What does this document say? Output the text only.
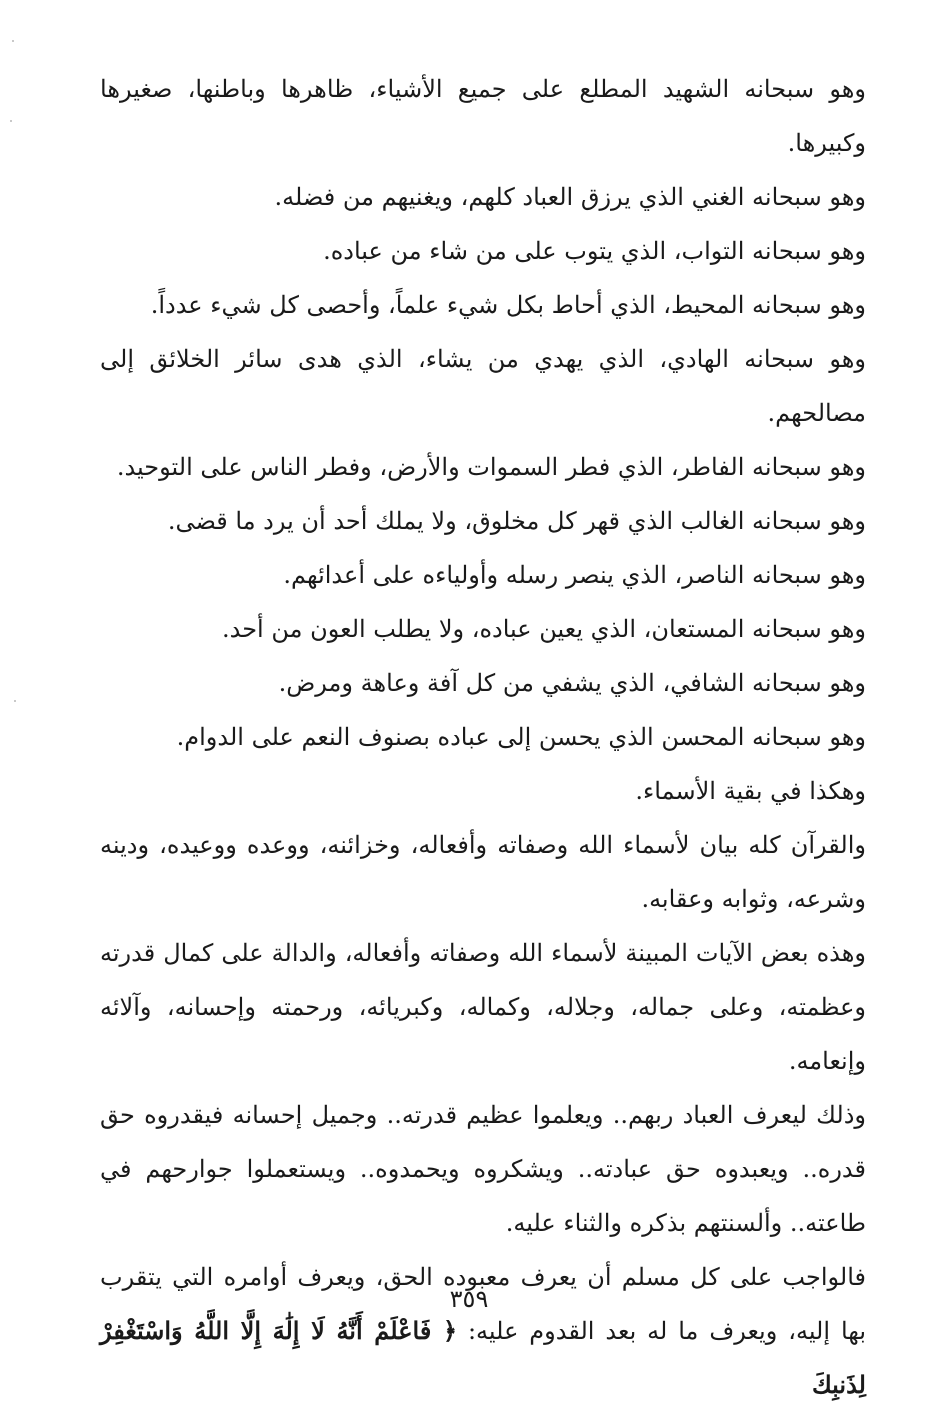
وهو سبحانه الشهيد المطلع على جميع الأشياء، ظاهرها وباطنها، صغيرها وكبيرها.

وهو سبحانه الغني الذي يرزق العباد كلهم، ويغنيهم من فضله.

وهو سبحانه التواب، الذي يتوب على من شاء من عباده.

وهو سبحانه المحيط، الذي أحاط بكل شيء علماً، وأحصى كل شيء عدداً.

وهو سبحانه الهادي، الذي يهدي من يشاء، الذي هدى سائر الخلائق إلى مصالحهم.

وهو سبحانه الفاطر، الذي فطر السموات والأرض، وفطر الناس على التوحيد.

وهو سبحانه الغالب الذي قهر كل مخلوق، ولا يملك أحد أن يرد ما قضى.

وهو سبحانه الناصر، الذي ينصر رسله وأولياءه على أعدائهم.

وهو سبحانه المستعان، الذي يعين عباده، ولا يطلب العون من أحد.

وهو سبحانه الشافي، الذي يشفي من كل آفة وعاهة ومرض.

وهو سبحانه المحسن الذي يحسن إلى عباده بصنوف النعم على الدوام.

وهكذا في بقية الأسماء.

والقرآن كله بيان لأسماء الله وصفاته وأفعاله، وخزائنه، ووعده ووعيده، ودينه وشرعه، وثوابه وعقابه.

وهذه بعض الآيات المبينة لأسماء الله وصفاته وأفعاله، والدالة على كمال قدرته وعظمته، وعلى جماله، وجلاله، وكماله، وكبريائه، ورحمته وإحسانه، وآلائه وإنعامه.

وذلك ليعرف العباد ربهم.. ويعلموا عظيم قدرته.. وجميل إحسانه فيقدروه حق قدره.. ويعبدوه حق عبادته.. ويشكروه ويحمدوه.. ويستعملوا جوارحهم في طاعته.. وألسنتهم بذكره والثناء عليه.

فالواجب على كل مسلم أن يعرف معبوده الحق، ويعرف أوامره التي يتقرب بها إليه، ويعرف ما له بعد القدوم عليه: ﴿ فَاعْلَمْ أَنَّهُ لَا إِلَٰهَ إِلَّا اللَّهُ وَاسْتَغْفِرْ لِذَنبِكَ

٣٥٩
